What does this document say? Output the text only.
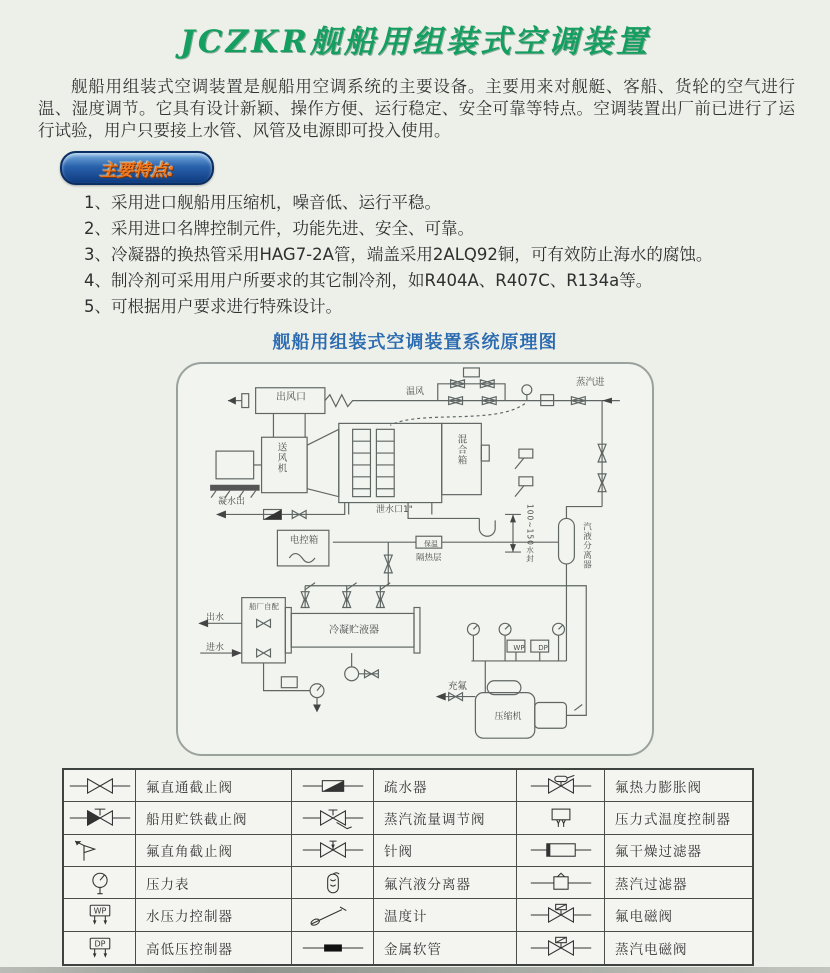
JCZKR舰船用组装式空调装置
舰船用组装式空调装置是舰船用空调系统的主要设备。主要用来对舰艇、客船、货轮的空气进行温、湿度调节。它具有设计新颖、操作方便、运行稳定、安全可靠等特点。空调装置出厂前已进行了运行试验，用户只要接上水管、风管及电源即可投入使用。
主要特点:
1、采用进口舰船用压缩机，噪音低、运行平稳。
2、采用进口名牌控制元件，功能先进、安全、可靠。
3、冷凝器的换热管采用HAG7-2A管，端盖采用2ALQ92铜，可有效防止海水的腐蚀。
4、制冷剂可采用用户所要求的其它制冷剂，如R404A、R407C、R134a等。
5、可根据用户要求进行特殊设计。
舰船用组装式空调装置系统原理图
出风口	温风
蒸汽进
送风机	混合箱
凝水出
泄水口1"	100~150水封
电控箱	保温
隔热层	汽液分离器
船厂自配
出水
进水
冷凝贮液器
充氟
压缩机
WP	DP
氟直通截止阀	疏水器	氟热力膨胀阀
船用贮铁截止阀	蒸汽流量调节阀	压力式温度控制器
氟直角截止阀	针阀	氟干燥过滤器
压力表	氟汽液分离器	蒸汽过滤器
WP	水压力控制器	温度计	氟电磁阀
DP	高低压控制器	金属软管	蒸汽电磁阀
